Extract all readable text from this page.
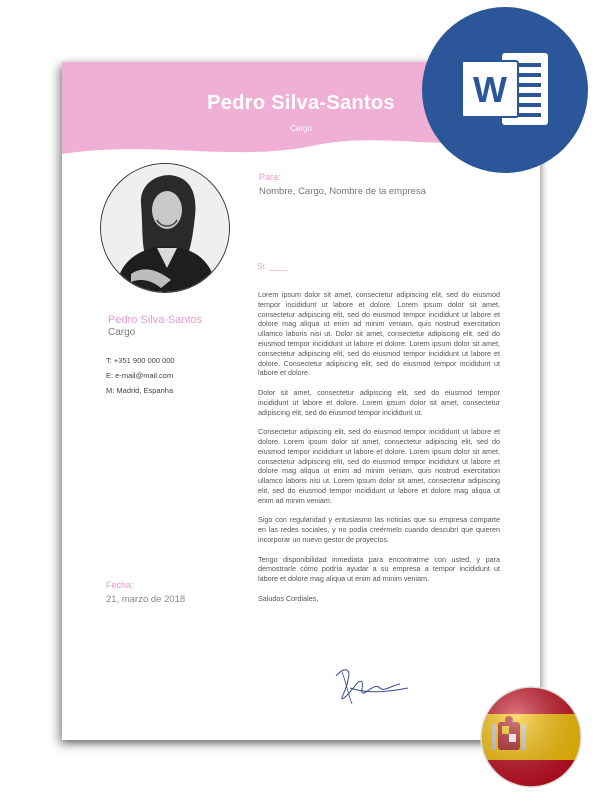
Pedro Silva-Santos
Cargo
Pedro Silva-Santos
Cargo
T: +351 900 000 000
E: e-mail@mail.com
M: Madrid, Espanha
Fecha:
21, marzo de 2018
Para:
Nombre, Cargo, Nombre de la empresa
Sr. ____

Lorem ipsum dolor sit amet, consectetur adipiscing elit, sed do eiusmod tempor incididunt ut labore et dolore. Lorem ipsum dolor sit amet, consectetur adipiscing elit, sed do eiusmod tempor incididunt ut labore et dolore mag aliqua ut enim ad minim veniam, quis nostrud exercitation ullamco laboris nisi ut. Dolor sit amet, consectetur adipiscing elit, sed do eiusmod tempor incididunt ut labore et dolore. Lorem ipsum dolor sit amet, consectetur adipiscing elit, sed do eiusmod tempor incididunt ut labore et dolore. Consectetur adipiscing elit, sed do eiusmod tempor incididunt ut labore et dolore.

Dolor sit amet, consectetur adipiscing elit, sed do eiusmod tempor incididunt ut labore et dolore. Lorem ipsum dolor sit amet, consectetur adipiscing elit, sed do eiusmod tempor incididunt ut.

Consectetur adipiscing elit, sed do eiusmod tempor incididunt ut labore et dolore. Lorem ipsum dolor sit amet, consectetur adipiscing elit, sed do eiusmod tempor incididunt ut labore et dolore. Lorem ipsum dolor sit amet, consectetur adipiscing elit, sed do eiusmod tempor incididunt ut labore et dolore mag aliqua ut enim ad minim veniam, quis nostrud exercitation ullamco laboris nisi ut. Lorem ipsum dolor sit amet, consectetur adipiscing elit, sed do eiusmod tempor incididunt ut labore et dolore mag aliqua ut enim ad minim veniam.

Sigo con regularidad y entusiasmo las noticias que su empresa comparte en las redes sociales, y no podía creérmelo cuando descubrí que quieren incorporar un nuevo gestor de proyectos.

Tengo disponibilidad inmediata para encontrarme con usted, y para demostrarle cómo podría ayudar a su empresa a tempor incididunt ut labore et dolore mag aliqua ut enim ad minim veniam.

Saludos Cordiales,

W
